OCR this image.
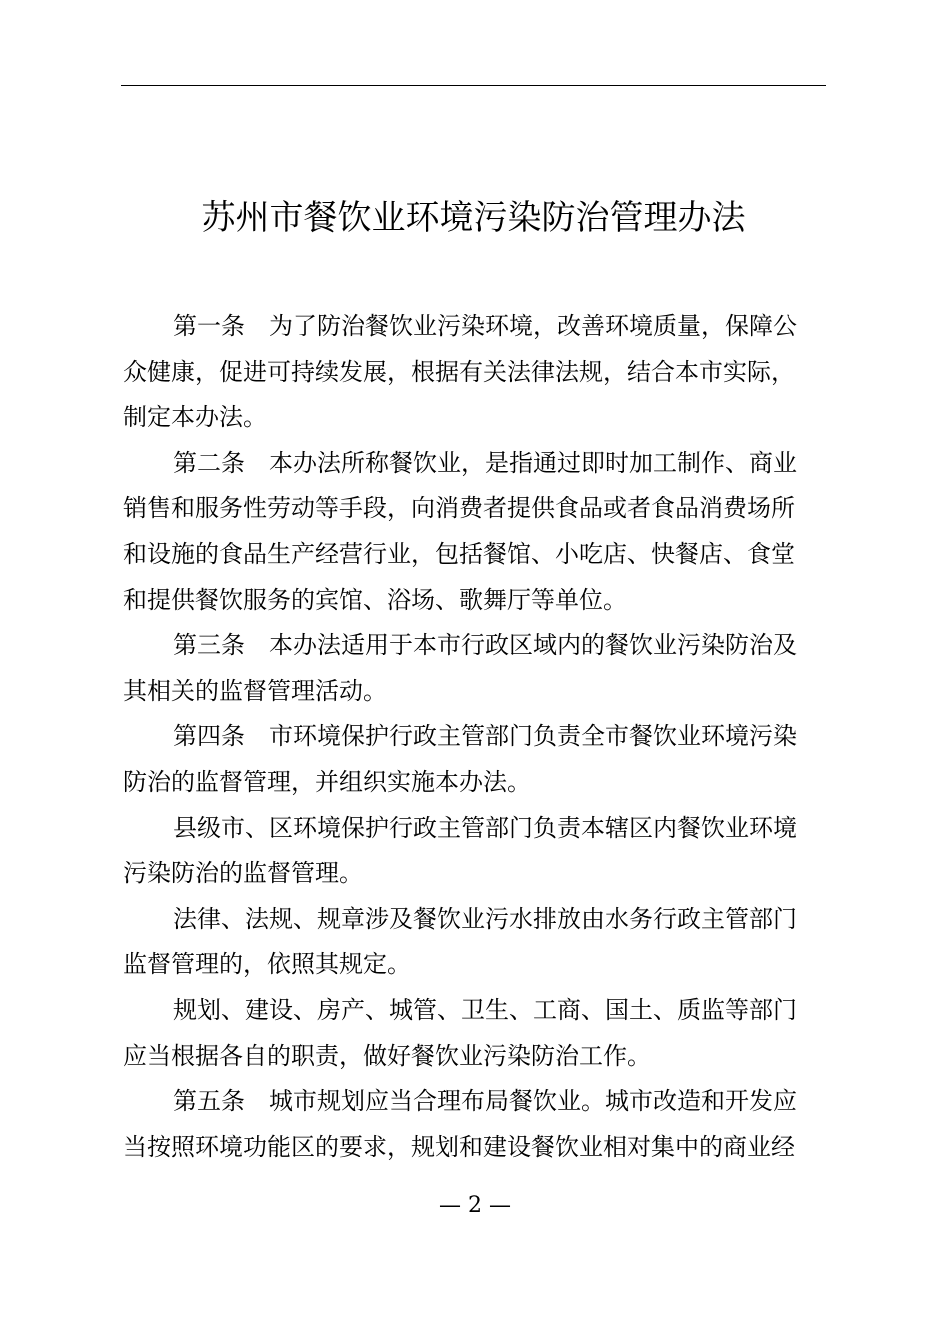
苏州市餐饮业环境污染防治管理办法
第一条 为了防治餐饮业污染环境，改善环境质量，保障公
众健康，促进可持续发展，根据有关法律法规，结合本市实际，
制定本办法。
第二条 本办法所称餐饮业，是指通过即时加工制作、商业
销售和服务性劳动等手段，向消费者提供食品或者食品消费场所
和设施的食品生产经营行业，包括餐馆、小吃店、快餐店、食堂
和提供餐饮服务的宾馆、浴场、歌舞厅等单位。
第三条 本办法适用于本市行政区域内的餐饮业污染防治及
其相关的监督管理活动。
第四条 市环境保护行政主管部门负责全市餐饮业环境污染
防治的监督管理，并组织实施本办法。
县级市、区环境保护行政主管部门负责本辖区内餐饮业环境
污染防治的监督管理。
法律、法规、规章涉及餐饮业污水排放由水务行政主管部门
监督管理的，依照其规定。
规划、建设、房产、城管、卫生、工商、国土、质监等部门
应当根据各自的职责，做好餐饮业污染防治工作。
第五条 城市规划应当合理布局餐饮业。城市改造和开发应
当按照环境功能区的要求，规划和建设餐饮业相对集中的商业经
— 2 —
